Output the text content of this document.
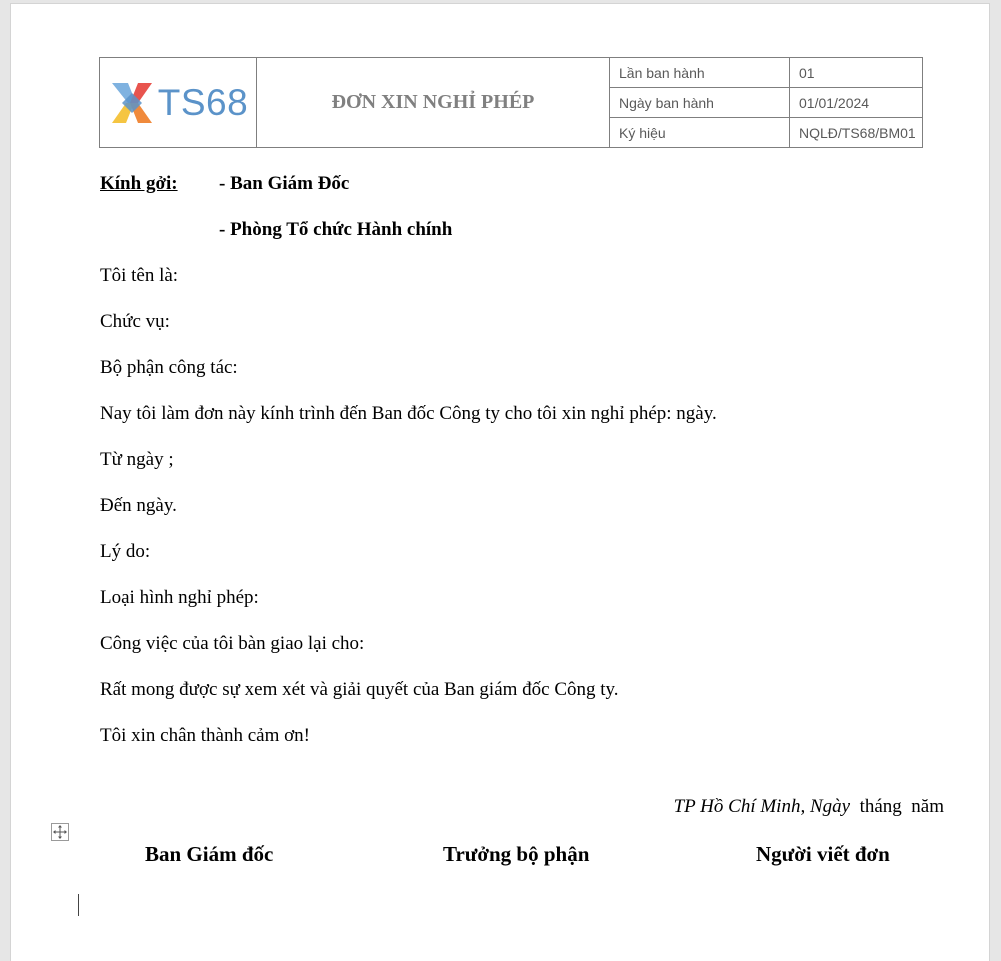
TS68	ĐƠN XIN NGHỈ PHÉP	Lần ban hành	01
		Ngày ban hành	01/01/2024
		Ký hiệu	NQLĐ/TS68/BM01
Kính gởi: - Ban Giám Đốc
- Phòng Tổ chức Hành chính
Tôi tên là:
Chức vụ:
Bộ phận công tác:
Nay tôi làm đơn này kính trình đến Ban đốc Công ty cho tôi xin nghỉ phép: ngày.
Từ ngày ;
Đến ngày.
Lý do:
Loại hình nghỉ phép:
Công việc của tôi bàn giao lại cho:
Rất mong được sự xem xét và giải quyết của Ban giám đốc Công ty.
Tôi xin chân thành cảm ơn!
TP Hồ Chí Minh, Ngày  tháng  năm
Ban Giám đốc	Trưởng bộ phận	Người viết đơn
